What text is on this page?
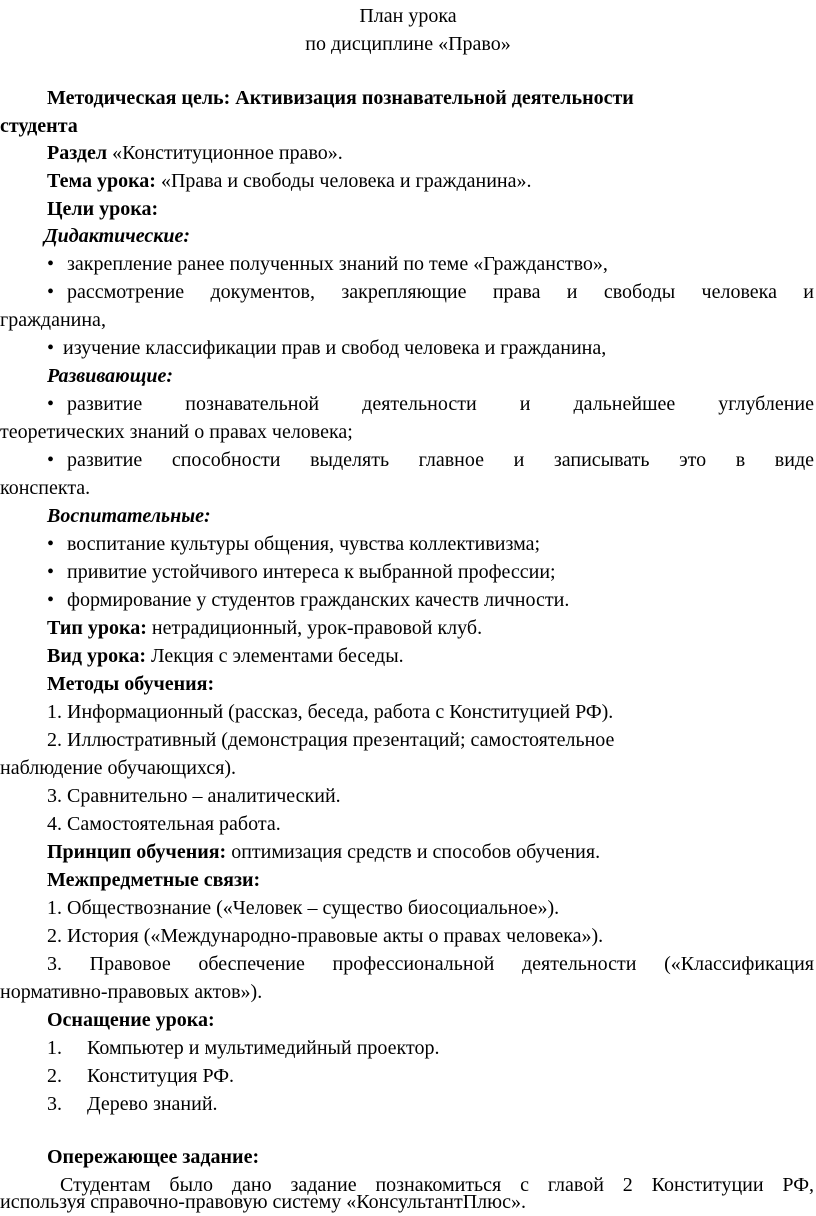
План урока
по дисциплине «Право»
Методическая цель: Активизация познавательной деятельности
студента
Раздел «Конституционное право».
Тема урока: «Права и свободы человека и гражданина».
Цели урока:
Дидактические:
• закрепление ранее полученных знаний по теме «Гражданство»,
• рассмотрение документов, закрепляющие права и свободы человека и
гражданина,
• изучение классификации прав и свобод человека и гражданина,
Развивающие:
• развитие познавательной деятельности и дальнейшее углубление
теоретических знаний о правах человека;
• развитие способности выделять главное и записывать это в виде
конспекта.
Воспитательные:
• воспитание культуры общения, чувства коллективизма;
• привитие устойчивого интереса к выбранной профессии;
• формирование у студентов гражданских качеств личности.
Тип урока: нетрадиционный, урок-правовой клуб.
Вид урока: Лекция с элементами беседы.
Методы обучения:
1. Информационный (рассказ, беседа, работа с Конституцией РФ).
2. Иллюстративный (демонстрация презентаций; самостоятельное
наблюдение обучающихся).
3. Сравнительно – аналитический.
4. Самостоятельная работа.
Принцип обучения: оптимизация средств и способов обучения.
Межпредметные связи:
1. Обществознание («Человек – существо биосоциальное»).
2. История («Международно-правовые акты о правах человека»).
3. Правовое обеспечение профессиональной деятельности («Классификация
нормативно-правовых актов»).
Оснащение урока:
1. Компьютер и мультимедийный проектор.
2. Конституция РФ.
3. Дерево знаний.
Опережающее задание:
Студентам было дано задание познакомиться с главой 2 Конституции РФ,
используя справочно-правовую систему «КонсультантПлюс».
